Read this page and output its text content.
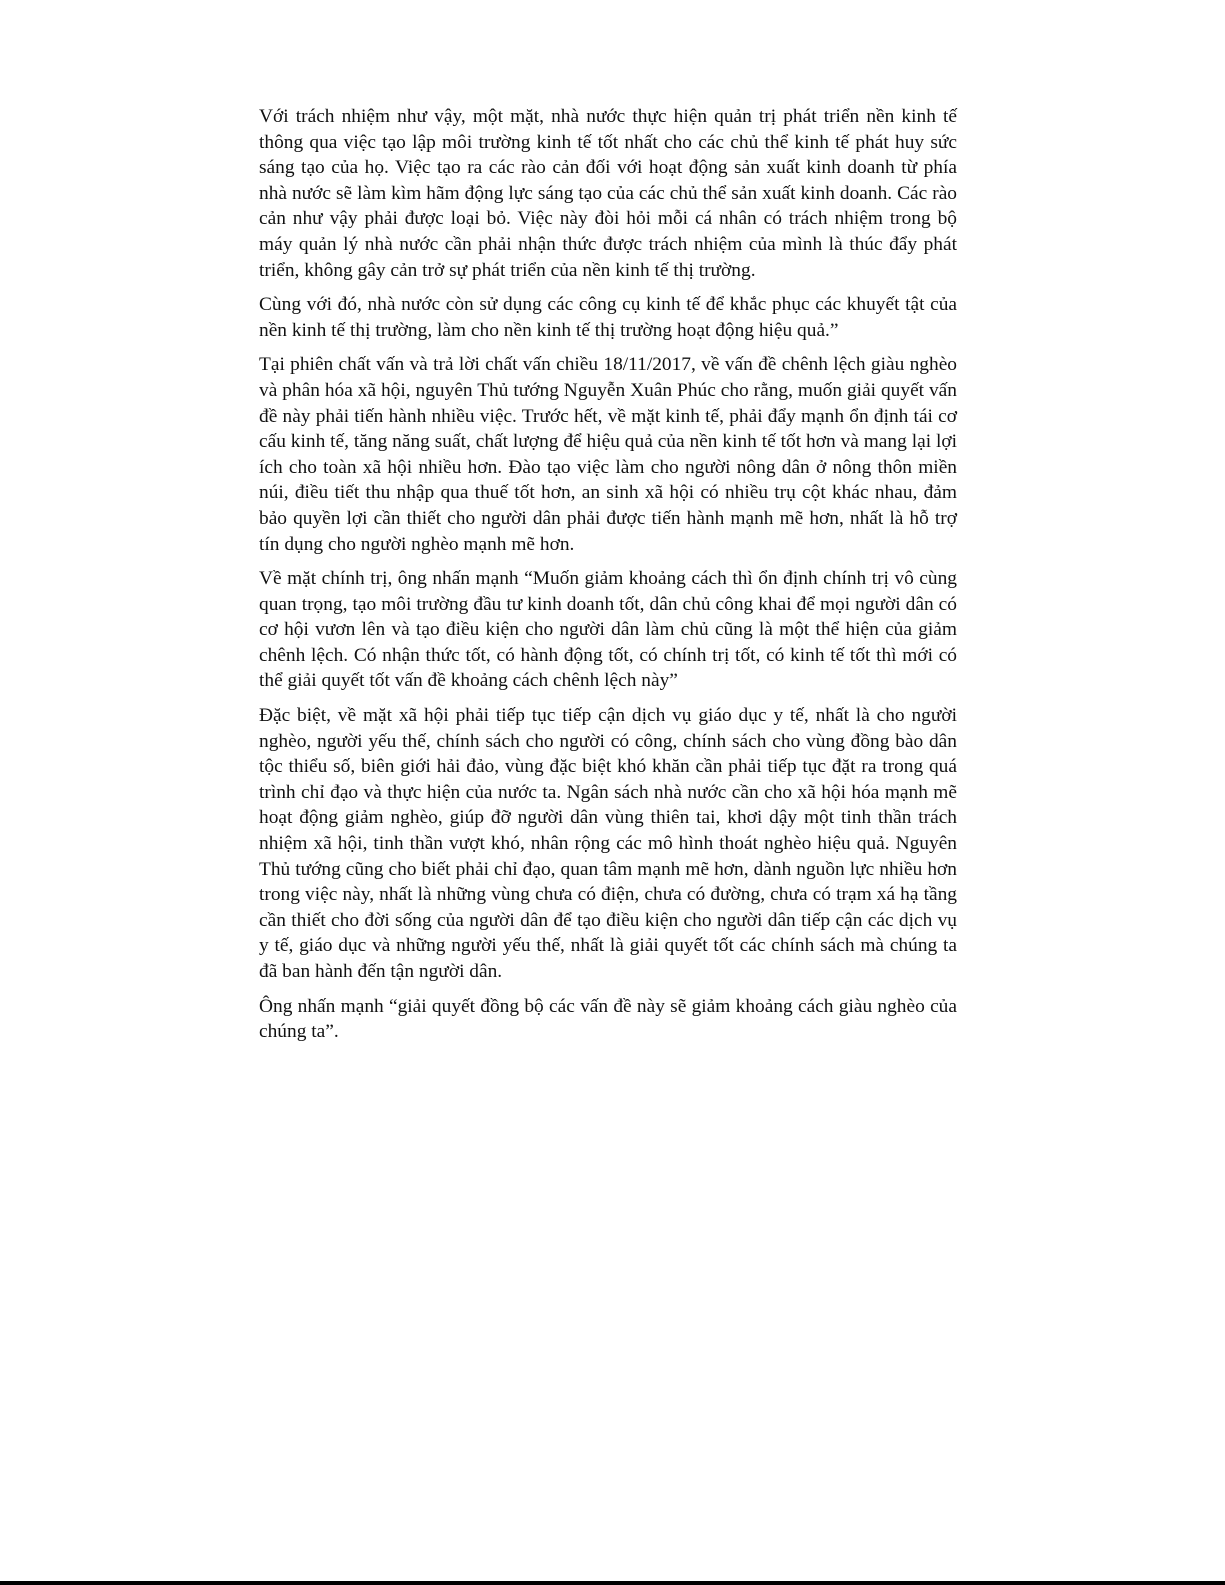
Với trách nhiệm như vậy, một mặt, nhà nước thực hiện quản trị phát triển nền kinh tế thông qua việc tạo lập môi trường kinh tế tốt nhất cho các chủ thể kinh tế phát huy sức sáng tạo của họ. Việc tạo ra các rào cản đối với hoạt động sản xuất kinh doanh từ phía nhà nước sẽ làm kìm hãm động lực sáng tạo của các chủ thể sản xuất kinh doanh. Các rào cản như vậy phải được loại bỏ. Việc này đòi hỏi mỗi cá nhân có trách nhiệm trong bộ máy quản lý nhà nước cần phải nhận thức được trách nhiệm của mình là thúc đẩy phát triển, không gây cản trở sự phát triển của nền kinh tế thị trường.

Cùng với đó, nhà nước còn sử dụng các công cụ kinh tế để khắc phục các khuyết tật của nền kinh tế thị trường, làm cho nền kinh tế thị trường hoạt động hiệu quả.”

Tại phiên chất vấn và trả lời chất vấn chiều 18/11/2017, về vấn đề chênh lệch giàu nghèo và phân hóa xã hội, nguyên Thủ tướng Nguyễn Xuân Phúc cho rằng, muốn giải quyết vấn đề này phải tiến hành nhiều việc. Trước hết, về mặt kinh tế, phải đẩy mạnh ổn định tái cơ cấu kinh tế, tăng năng suất, chất lượng để hiệu quả của nền kinh tế tốt hơn và mang lại lợi ích cho toàn xã hội nhiều hơn. Đào tạo việc làm cho người nông dân ở nông thôn miền núi, điều tiết thu nhập qua thuế tốt hơn, an sinh xã hội có nhiều trụ cột khác nhau, đảm bảo quyền lợi cần thiết cho người dân phải được tiến hành mạnh mẽ hơn, nhất là hỗ trợ tín dụng cho người nghèo mạnh mẽ hơn.

Về mặt chính trị, ông nhấn mạnh “Muốn giảm khoảng cách thì ổn định chính trị vô cùng quan trọng, tạo môi trường đầu tư kinh doanh tốt, dân chủ công khai để mọi người dân có cơ hội vươn lên và tạo điều kiện cho người dân làm chủ cũng là một thể hiện của giảm chênh lệch. Có nhận thức tốt, có hành động tốt, có chính trị tốt, có kinh tế tốt thì mới có thể giải quyết tốt vấn đề khoảng cách chênh lệch này”

Đặc biệt, về mặt xã hội phải tiếp tục tiếp cận dịch vụ giáo dục y tế, nhất là cho người nghèo, người yếu thế, chính sách cho người có công, chính sách cho vùng đồng bào dân tộc thiểu số, biên giới hải đảo, vùng đặc biệt khó khăn cần phải tiếp tục đặt ra trong quá trình chỉ đạo và thực hiện của nước ta. Ngân sách nhà nước cần cho xã hội hóa mạnh mẽ hoạt động giảm nghèo, giúp đỡ người dân vùng thiên tai, khơi dậy một tinh thần trách nhiệm xã hội, tinh thần vượt khó, nhân rộng các mô hình thoát nghèo hiệu quả. Nguyên Thủ tướng cũng cho biết phải chỉ đạo, quan tâm mạnh mẽ hơn, dành nguồn lực nhiều hơn trong việc này, nhất là những vùng chưa có điện, chưa có đường, chưa có trạm xá hạ tầng cần thiết cho đời sống của người dân để tạo điều kiện cho người dân tiếp cận các dịch vụ y tế, giáo dục và những người yếu thế, nhất là giải quyết tốt các chính sách mà chúng ta đã ban hành đến tận người dân.

Ông nhấn mạnh “giải quyết đồng bộ các vấn đề này sẽ giảm khoảng cách giàu nghèo của chúng ta”.
